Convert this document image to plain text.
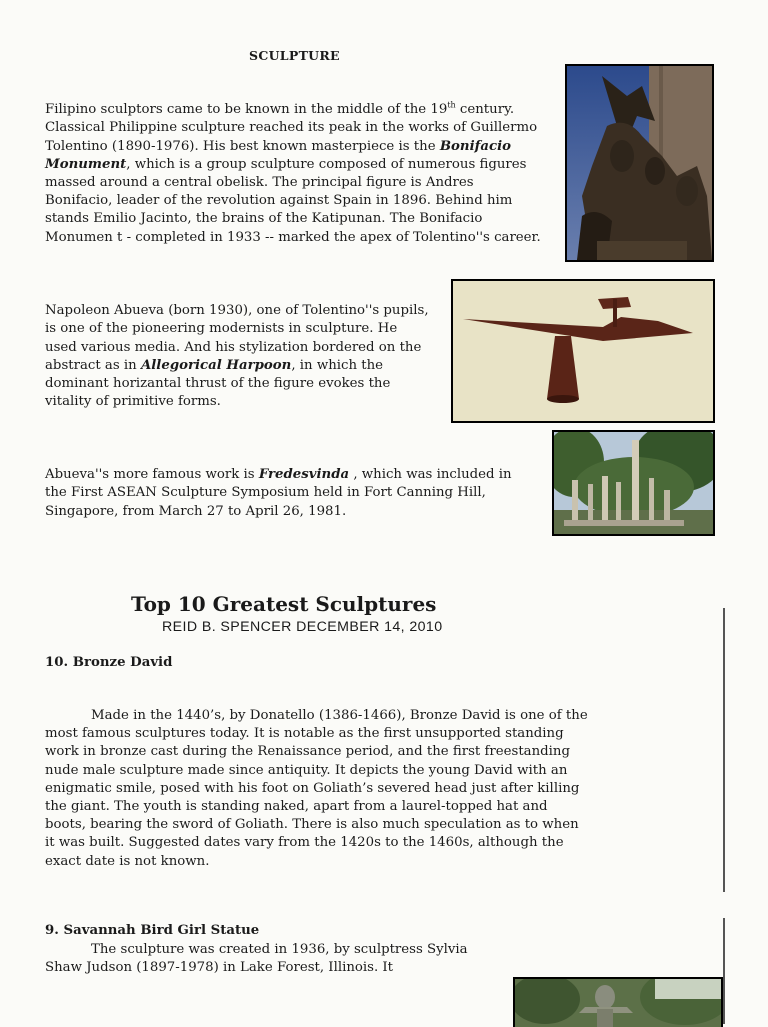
SCULPTURE

Filipino sculptors came to be known in the middle of the 19th century. Classical Philippine sculpture reached its peak in the works of Guillermo Tolentino (1890-1976). His best known masterpiece is the Bonifacio Monument, which is a group sculpture composed of numerous figures massed around a central obelisk. The principal figure is Andres Bonifacio, leader of the revolution against Spain in 1896. Behind him stands Emilio Jacinto, the brains of the Katipunan. The Bonifacio Monumen t - completed in 1933 -- marked the apex of Tolentino''s career.

Napoleon Abueva (born 1930), one of Tolentino''s pupils, is one of the pioneering modernists in sculpture. He used various media. And his stylization bordered on the abstract as in Allegorical Harpoon, in which the dominant horizantal thrust of the figure evokes the vitality of primitive forms.

Abueva''s more famous work is Fredesvinda , which was included in the First ASEAN Sculpture Symposium held in Fort Canning Hill, Singapore, from March 27 to April 26, 1981.

Top 10 Greatest Sculptures
REID B. SPENCER DECEMBER 14, 2010
10. Bronze David
Made in the 1440’s, by Donatello (1386-1466), Bronze David is one of the most famous sculptures today. It is notable as the first unsupported standing work in bronze cast during the Renaissance period, and the first freestanding nude male sculpture made since antiquity. It depicts the young David with an enigmatic smile, posed with his foot on Goliath’s severed head just after killing the giant. The youth is standing naked, apart from a laurel-topped hat and boots, bearing the sword of Goliath. There is also much speculation as to when it was built. Suggested dates vary from the 1420s to the 1460s, although the exact date is not known.
9. Savannah Bird Girl Statue
The sculpture was created in 1936, by sculptress Sylvia Shaw Judson (1897-1978) in Lake Forest, Illinois. It
